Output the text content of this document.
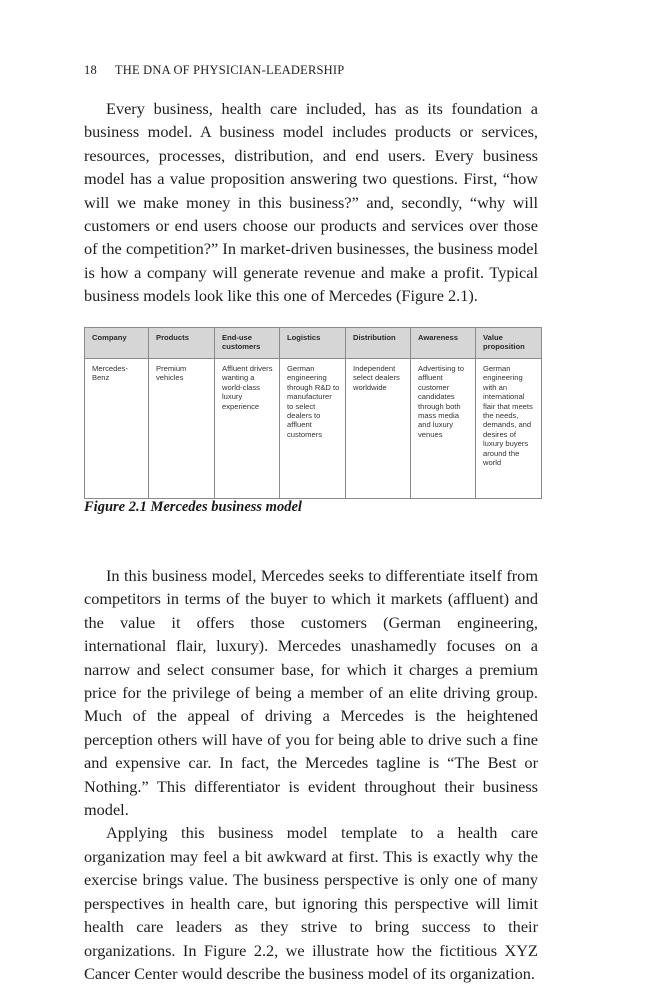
18 THE DNA OF PHYSICIAN-LEADERSHIP

Every business, health care included, has as its foundation a business model. A business model includes products or services, resources, processes, distribution, and end users. Every business model has a value proposition answering two questions. First, “how will we make money in this business?” and, secondly, “why will customers or end users choose our products and services over those of the competition?” In market-driven businesses, the business model is how a company will generate revenue and make a profit. Typical business models look like this one of Mercedes (Figure 2.1).

Company	Products	End-use customers	Logistics	Distribution	Awareness	Value proposition
Mercedes-Benz	Premium vehicles	Affluent drivers wanting a world-class luxury experience	German engineering through R&D to manufacturer to select dealers to affluent customers	Independent select dealers worldwide	Advertising to affluent customer candidates through both mass media and luxury venues	German engineering with an international flair that meets the needs, demands, and desires of luxury buyers around the world
Figure 2.1 Mercedes business model

In this business model, Mercedes seeks to differentiate itself from competitors in terms of the buyer to which it markets (affluent) and the value it offers those customers (German engineering, international flair, luxury). Mercedes unashamedly focuses on a narrow and select consumer base, for which it charges a premium price for the privilege of being a member of an elite driving group. Much of the appeal of driving a Mercedes is the heightened perception others will have of you for being able to drive such a fine and expensive car. In fact, the Mercedes tagline is “The Best or Nothing.” This differentiator is evident throughout their business model.

Applying this business model template to a health care organization may feel a bit awkward at first. This is exactly why the exercise brings value. The business perspective is only one of many perspectives in health care, but ignoring this perspective will limit health care leaders as they strive to bring success to their organizations. In Figure 2.2, we illustrate how the fictitious XYZ Cancer Center would describe the business model of its organization.
